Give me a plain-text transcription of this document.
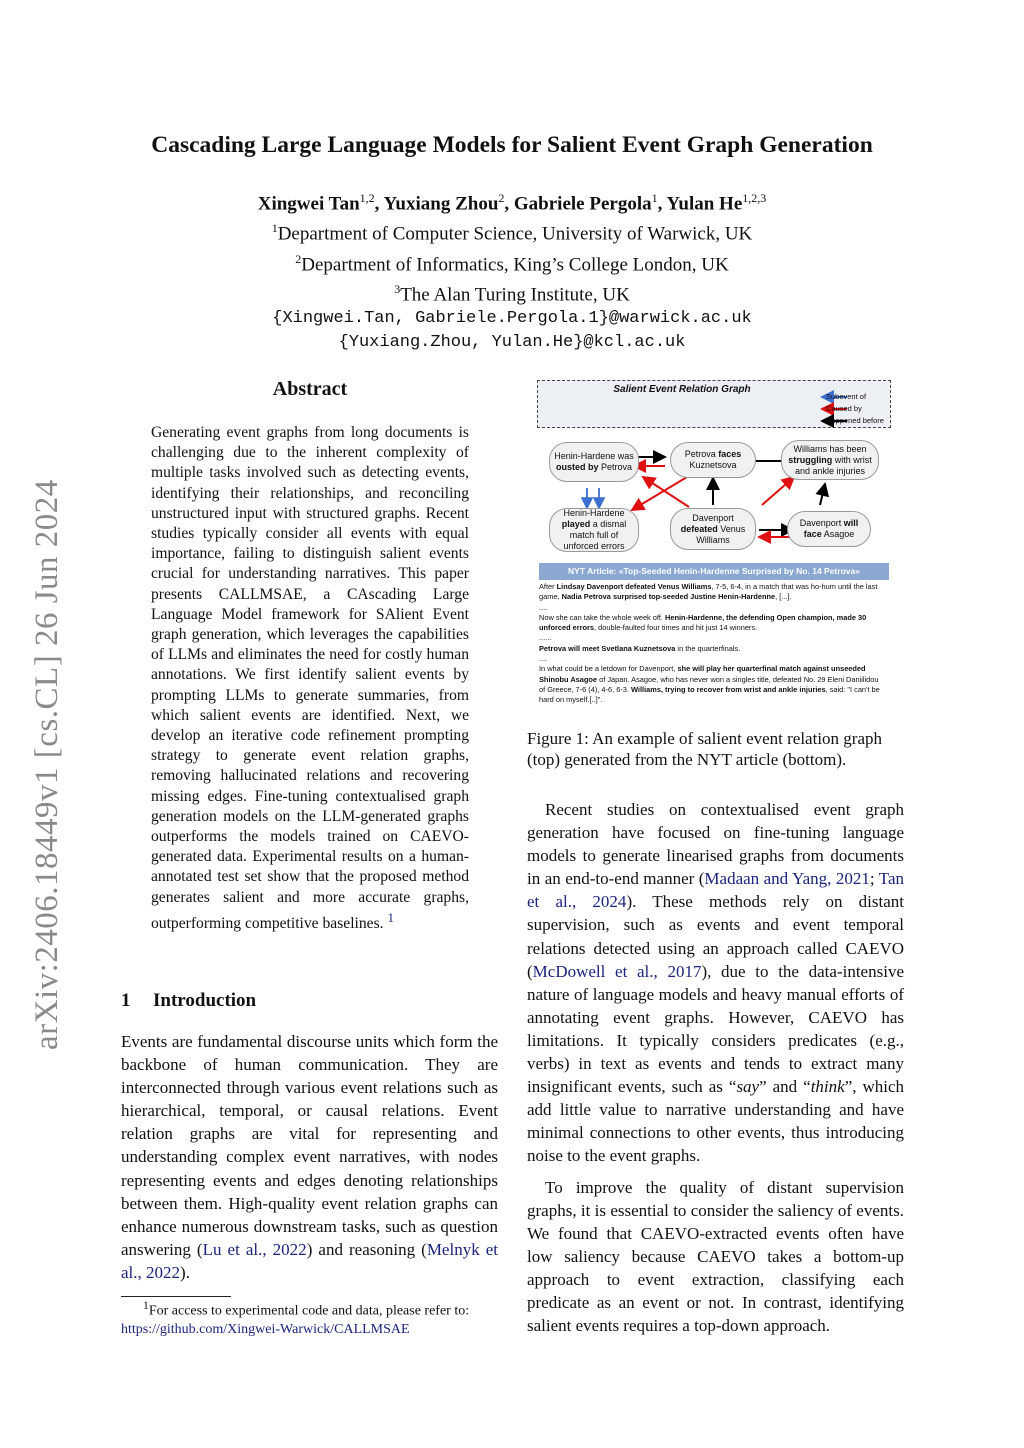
arXiv:2406.18449v1 [cs.CL] 26 Jun 2024
Cascading Large Language Models for Salient Event Graph Generation
Xingwei Tan$^{1,2}$, Yuxiang Zhou$^2$, Gabriele Pergola$^1$, Yulan He$^{1,2,3}$
$^1$Department of Computer Science, University of Warwick, UK
$^2$Department of Informatics, King’s College London, UK
$^3$The Alan Turing Institute, UK
{Xingwei.Tan, Gabriele.Pergola.1}@warwick.ac.uk
{Yuxiang.Zhou, Yulan.He}@kcl.ac.uk
Abstract
Generating event graphs from long documents is challenging due to the inherent complexity of multiple tasks involved such as detecting events, identifying their relationships, and reconciling unstructured input with structured graphs. Recent studies typically consider all events with equal importance, failing to distinguish salient events crucial for understanding narratives. This paper presents CALLMSAE, a CAscading Large Language Model framework for SAlient Event graph generation, which leverages the capabilities of LLMs and eliminates the need for costly human annotations. We first identify salient events by prompting LLMs to generate summaries, from which salient events are identified. Next, we develop an iterative code refinement prompting strategy to generate event relation graphs, removing hallucinated relations and recovering missing edges. Fine-tuning contextualised graph generation models on the LLM-generated graphs outperforms the models trained on CAEVO-generated data. Experimental results on a human-annotated test set show that the proposed method generates salient and more accurate graphs, outperforming competitive baselines. $^1$
1 Introduction
Events are fundamental discourse units which form the backbone of human communication. They are interconnected through various event relations such as hierarchical, temporal, or causal relations. Event relation graphs are vital for representing and understanding complex event narratives, with nodes representing events and edges denoting relationships between them. High-quality event relation graphs can enhance numerous downstream tasks, such as question answering (Lu et al., 2022) and reasoning (Melnyk et al., 2022).
$^1$For access to experimental code and data, please refer to:
https://github.com/Xingwei-Warwick/CALLMSAE
Salient Event Relation Graph
Subevent of
Caused by
Happened before
Henin-Hardene was ousted by Petrova
Petrova faces Kuznetsova
Williams has been struggling with wrist and ankle injuries
Henin-Hardene played a dismal match full of unforced errors
Davenport defeated Venus Williams
Davenport will face Asagoe
NYT Article: «Top-Seeded Henin-Hardenne Surprised by No. 14 Petrova»
After Lindsay Davenport defeated Venus Williams, 7-5, 6-4, in a match that was ho-hum until the last game, Nadia Petrova surprised top-seeded Justine Henin-Hardenne, [...].
....
Now she can take the whole week off. Henin-Hardenne, the defending Open champion, made 30 unforced errors, double-faulted four times and hit just 14 winners.
......
Petrova will meet Svetlana Kuznetsova in the quarterfinals.
....
In what could be a letdown for Davenport, she will play her quarterfinal match against unseeded Shinobu Asagoe of Japan. Asagoe, who has never won a singles title, defeated No. 29 Eleni Daniilidou of Greece, 7-6 (4), 4-6, 6-3. Williams, trying to recover from wrist and ankle injuries, said: "I can't be hard on myself.[..]".
Figure 1: An example of salient event relation graph (top) generated from the NYT article (bottom).

Recent studies on contextualised event graph generation have focused on fine-tuning language models to generate linearised graphs from documents in an end-to-end manner (Madaan and Yang, 2021; Tan et al., 2024). These methods rely on distant supervision, such as events and event temporal relations detected using an approach called CAEVO (McDowell et al., 2017), due to the data-intensive nature of language models and heavy manual efforts of annotating event graphs. However, CAEVO has limitations. It typically considers predicates (e.g., verbs) in text as events and tends to extract many insignificant events, such as “say” and “think”, which add little value to narrative understanding and have minimal connections to other events, thus introducing noise to the event graphs.

To improve the quality of distant supervision graphs, it is essential to consider the saliency of events. We found that CAEVO-extracted events often have low saliency because CAEVO takes a bottom-up approach to event extraction, classifying each predicate as an event or not. In contrast, identifying salient events requires a top-down approach.
